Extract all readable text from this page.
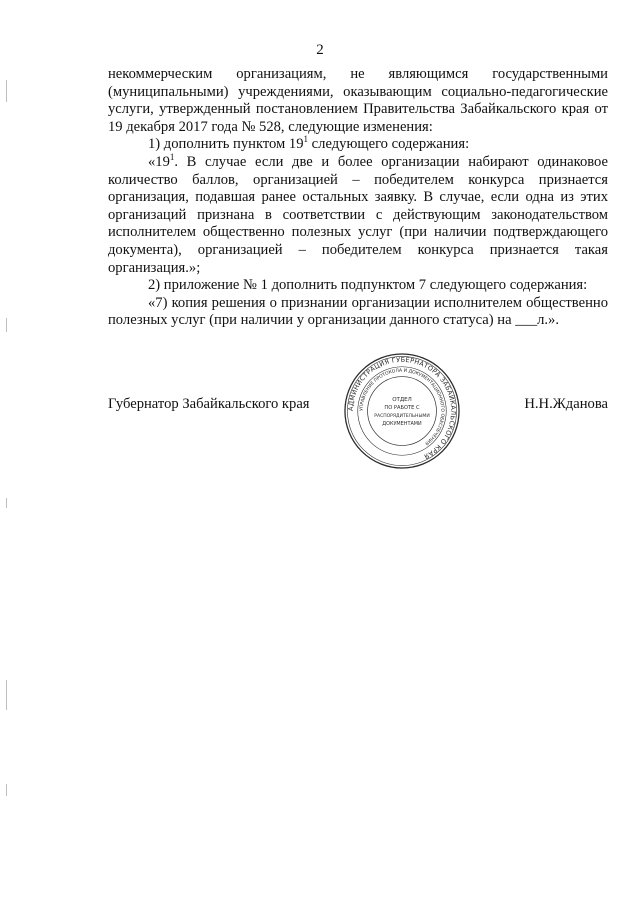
2

некоммерческим организациям, не являющимся государственными (муниципальными) учреждениями, оказывающим социально-педагогические услуги, утвержденный постановлением Правительства Забайкальского края от 19 декабря 2017 года № 528, следующие изменения:

1) дополнить пунктом $19^1$ следующего содержания:

«$19^1$. В случае если две и более организации набирают одинаковое количество баллов, организацией – победителем конкурса признается организация, подавшая ранее остальных заявку. В случае, если одна из этих организаций признана в соответствии с действующим законодательством исполнителем общественно полезных услуг (при наличии подтверждающего документа), организацией – победителем конкурса признается такая организация.»;

2) приложение № 1 дополнить подпунктом 7 следующего содержания:

«7) копия решения о признании организации исполнителем общественно полезных услуг (при наличии у организации данного статуса) на ___л.».

Губернатор Забайкальского края	Н.Н.Жданова
АДМИНИСТРАЦИЯ ГУБЕРНАТОРА ЗАБАЙКАЛЬСКОГО КРАЯ
УПРАВЛЕНИЕ ПРОТОКОЛА И ДОКУМЕНТАЦИОННОГО ОБЕСПЕЧЕНИЯ
ОТДЕЛ
ПО РАБОТЕ С
РАСПОРЯДИТЕЛЬНЫМИ
ДОКУМЕНТАМИ
